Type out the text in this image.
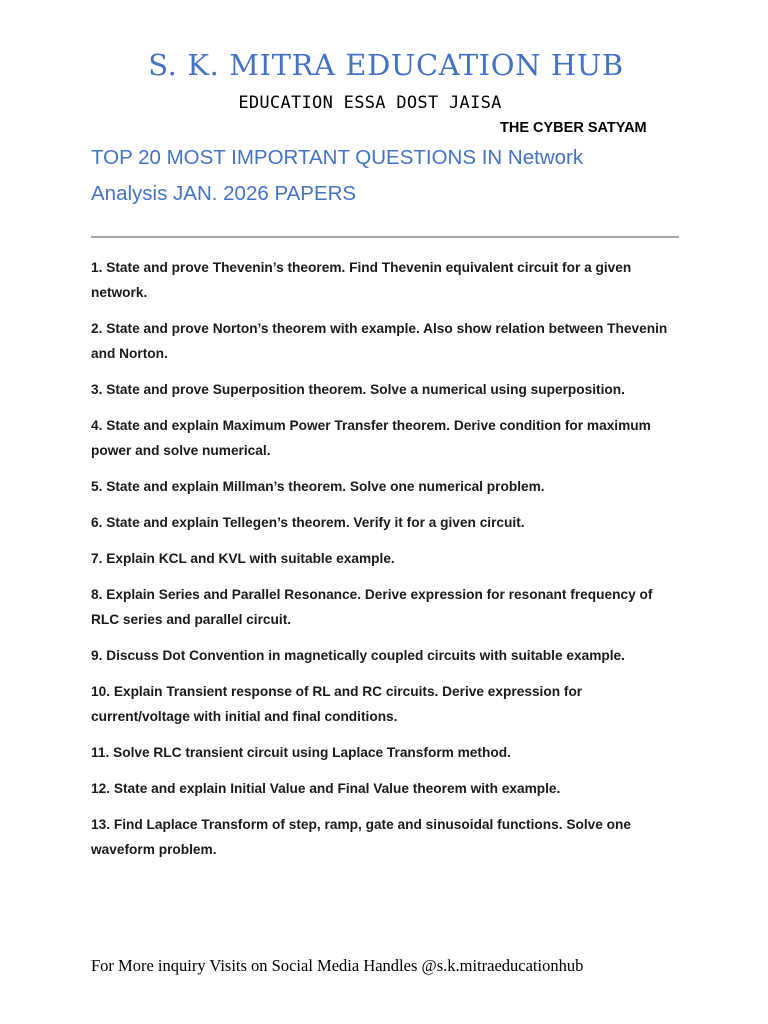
S. K. MITRA EDUCATION HUB
EDUCATION ESSA DOST JAISA
THE CYBER SATYAM
TOP 20 MOST IMPORTANT QUESTIONS IN Network
Analysis JAN. 2026 PAPERS
1. State and prove Thevenin’s theorem. Find Thevenin equivalent circuit for a given network.
2. State and prove Norton’s theorem with example. Also show relation between Thevenin and Norton.
3. State and prove Superposition theorem. Solve a numerical using superposition.
4. State and explain Maximum Power Transfer theorem. Derive condition for maximum power and solve numerical.
5. State and explain Millman’s theorem. Solve one numerical problem.
6. State and explain Tellegen’s theorem. Verify it for a given circuit.
7. Explain KCL and KVL with suitable example.
8. Explain Series and Parallel Resonance. Derive expression for resonant frequency of RLC series and parallel circuit.
9. Discuss Dot Convention in magnetically coupled circuits with suitable example.
10. Explain Transient response of RL and RC circuits. Derive expression for current/voltage with initial and final conditions.
11. Solve RLC transient circuit using Laplace Transform method.
12. State and explain Initial Value and Final Value theorem with example.
13. Find Laplace Transform of step, ramp, gate and sinusoidal functions. Solve one waveform problem.
For More inquiry Visits on Social Media Handles @s.k.mitraeducationhub
